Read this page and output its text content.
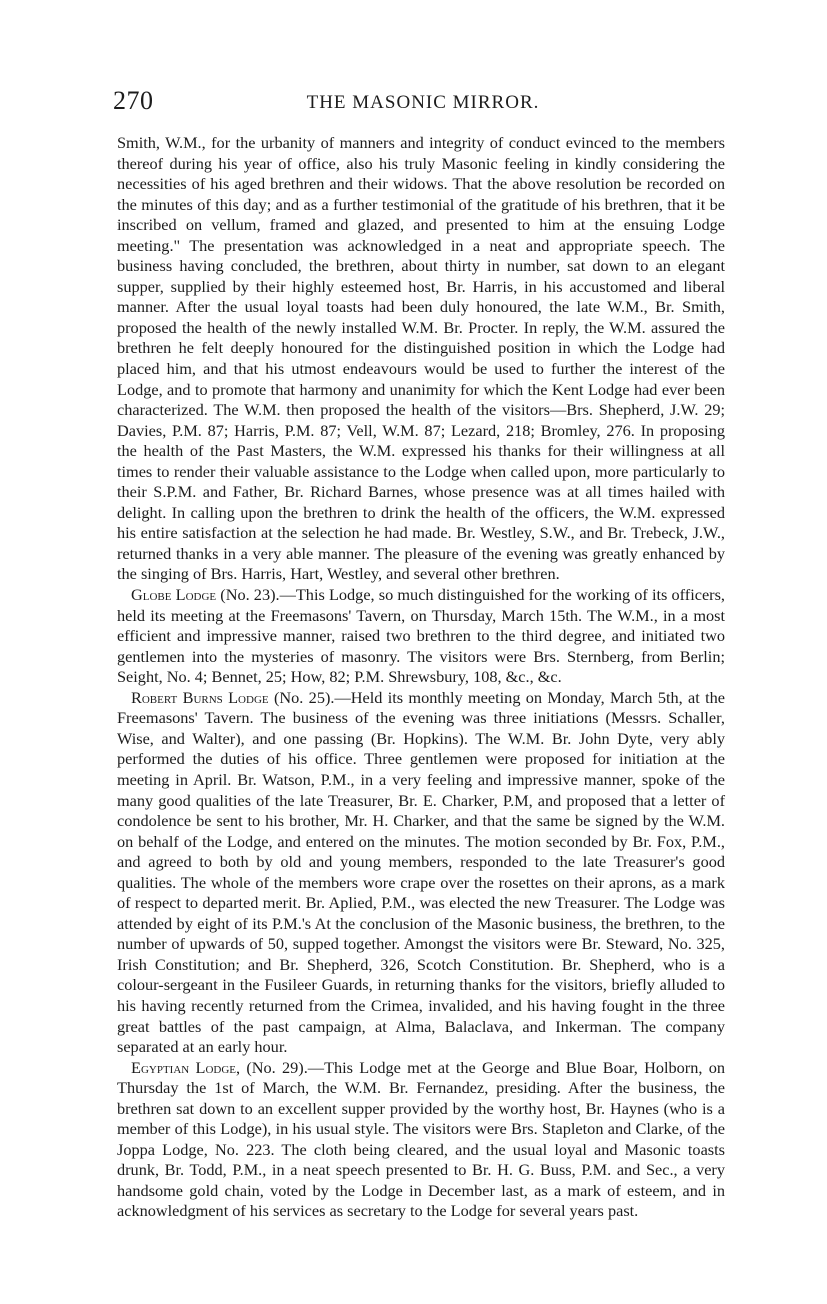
270	THE MASONIC MIRROR.

Smith, W.M., for the urbanity of manners and integrity of conduct evinced to the members thereof during his year of office, also his truly Masonic feeling in kindly considering the necessities of his aged brethren and their widows. That the above resolution be recorded on the minutes of this day; and as a further testimonial of the gratitude of his brethren, that it be inscribed on vellum, framed and glazed, and presented to him at the ensuing Lodge meeting." The presentation was acknowledged in a neat and appropriate speech. The business having concluded, the brethren, about thirty in number, sat down to an elegant supper, supplied by their highly esteemed host, Br. Harris, in his accustomed and liberal manner. After the usual loyal toasts had been duly honoured, the late W.M., Br. Smith, proposed the health of the newly installed W.M. Br. Procter. In reply, the W.M. assured the brethren he felt deeply honoured for the distinguished position in which the Lodge had placed him, and that his utmost endeavours would be used to further the interest of the Lodge, and to promote that harmony and unanimity for which the Kent Lodge had ever been characterized. The W.M. then proposed the health of the visitors—Brs. Shepherd, J.W. 29; Davies, P.M. 87; Harris, P.M. 87; Vell, W.M. 87; Lezard, 218; Bromley, 276. In proposing the health of the Past Masters, the W.M. expressed his thanks for their willingness at all times to render their valuable assistance to the Lodge when called upon, more particularly to their S.P.M. and Father, Br. Richard Barnes, whose presence was at all times hailed with delight. In calling upon the brethren to drink the health of the officers, the W.M. expressed his entire satisfaction at the selection he had made. Br. Westley, S.W., and Br. Trebeck, J.W., returned thanks in a very able manner. The pleasure of the evening was greatly enhanced by the singing of Brs. Harris, Hart, Westley, and several other brethren.

Globe Lodge (No. 23).—This Lodge, so much distinguished for the working of its officers, held its meeting at the Freemasons' Tavern, on Thursday, March 15th. The W.M., in a most efficient and impressive manner, raised two brethren to the third degree, and initiated two gentlemen into the mysteries of masonry. The visitors were Brs. Sternberg, from Berlin; Seight, No. 4; Bennet, 25; How, 82; P.M. Shrewsbury, 108, &c., &c.

Robert Burns Lodge (No. 25).—Held its monthly meeting on Monday, March 5th, at the Freemasons' Tavern. The business of the evening was three initiations (Messrs. Schaller, Wise, and Walter), and one passing (Br. Hopkins). The W.M. Br. John Dyte, very ably performed the duties of his office. Three gentlemen were proposed for initiation at the meeting in April. Br. Watson, P.M., in a very feeling and impressive manner, spoke of the many good qualities of the late Treasurer, Br. E. Charker, P.M, and proposed that a letter of condolence be sent to his brother, Mr. H. Charker, and that the same be signed by the W.M. on behalf of the Lodge, and entered on the minutes. The motion seconded by Br. Fox, P.M., and agreed to both by old and young members, responded to the late Treasurer's good qualities. The whole of the members wore crape over the rosettes on their aprons, as a mark of respect to departed merit. Br. Aplied, P.M., was elected the new Treasurer. The Lodge was attended by eight of its P.M.'s At the conclusion of the Masonic business, the brethren, to the number of upwards of 50, supped together. Amongst the visitors were Br. Steward, No. 325, Irish Constitution; and Br. Shepherd, 326, Scotch Constitution. Br. Shepherd, who is a colour-sergeant in the Fusileer Guards, in returning thanks for the visitors, briefly alluded to his having recently returned from the Crimea, invalided, and his having fought in the three great battles of the past campaign, at Alma, Balaclava, and Inkerman. The company separated at an early hour.

Egyptian Lodge, (No. 29).—This Lodge met at the George and Blue Boar, Holborn, on Thursday the 1st of March, the W.M. Br. Fernandez, presiding. After the business, the brethren sat down to an excellent supper provided by the worthy host, Br. Haynes (who is a member of this Lodge), in his usual style. The visitors were Brs. Stapleton and Clarke, of the Joppa Lodge, No. 223. The cloth being cleared, and the usual loyal and Masonic toasts drunk, Br. Todd, P.M., in a neat speech presented to Br. H. G. Buss, P.M. and Sec., a very handsome gold chain, voted by the Lodge in December last, as a mark of esteem, and in acknowledgment of his services as secretary to the Lodge for several years past.
